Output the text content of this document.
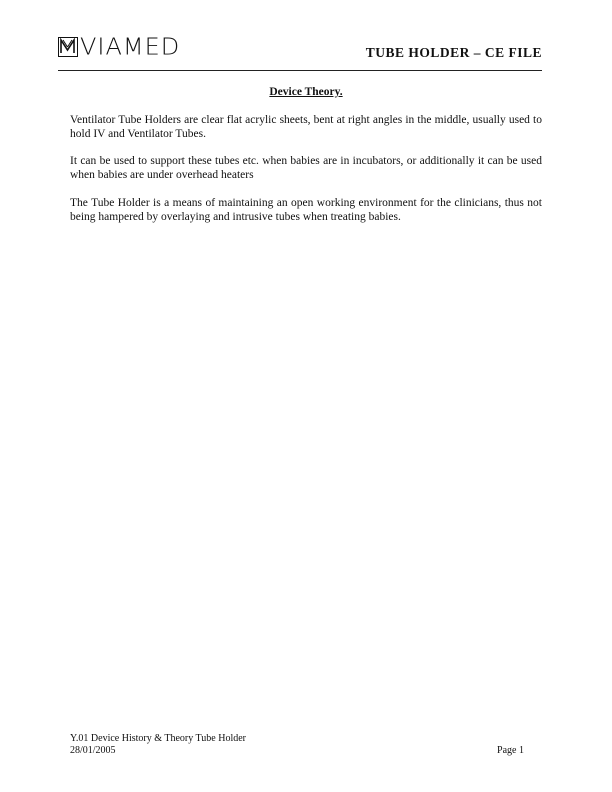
VIAMED	TUBE HOLDER – CE FILE
Device Theory.
Ventilator Tube Holders are clear flat acrylic sheets, bent at right angles in the middle, usually used to hold IV and Ventilator Tubes.
It can be used to support these tubes etc. when babies are in incubators, or additionally it can be used when babies are under overhead heaters
The Tube Holder is a means of maintaining an open working environment for the clinicians, thus not being hampered by overlaying and intrusive tubes when treating babies.
Y.01 Device History & Theory Tube Holder
28/01/2005	Page 1
